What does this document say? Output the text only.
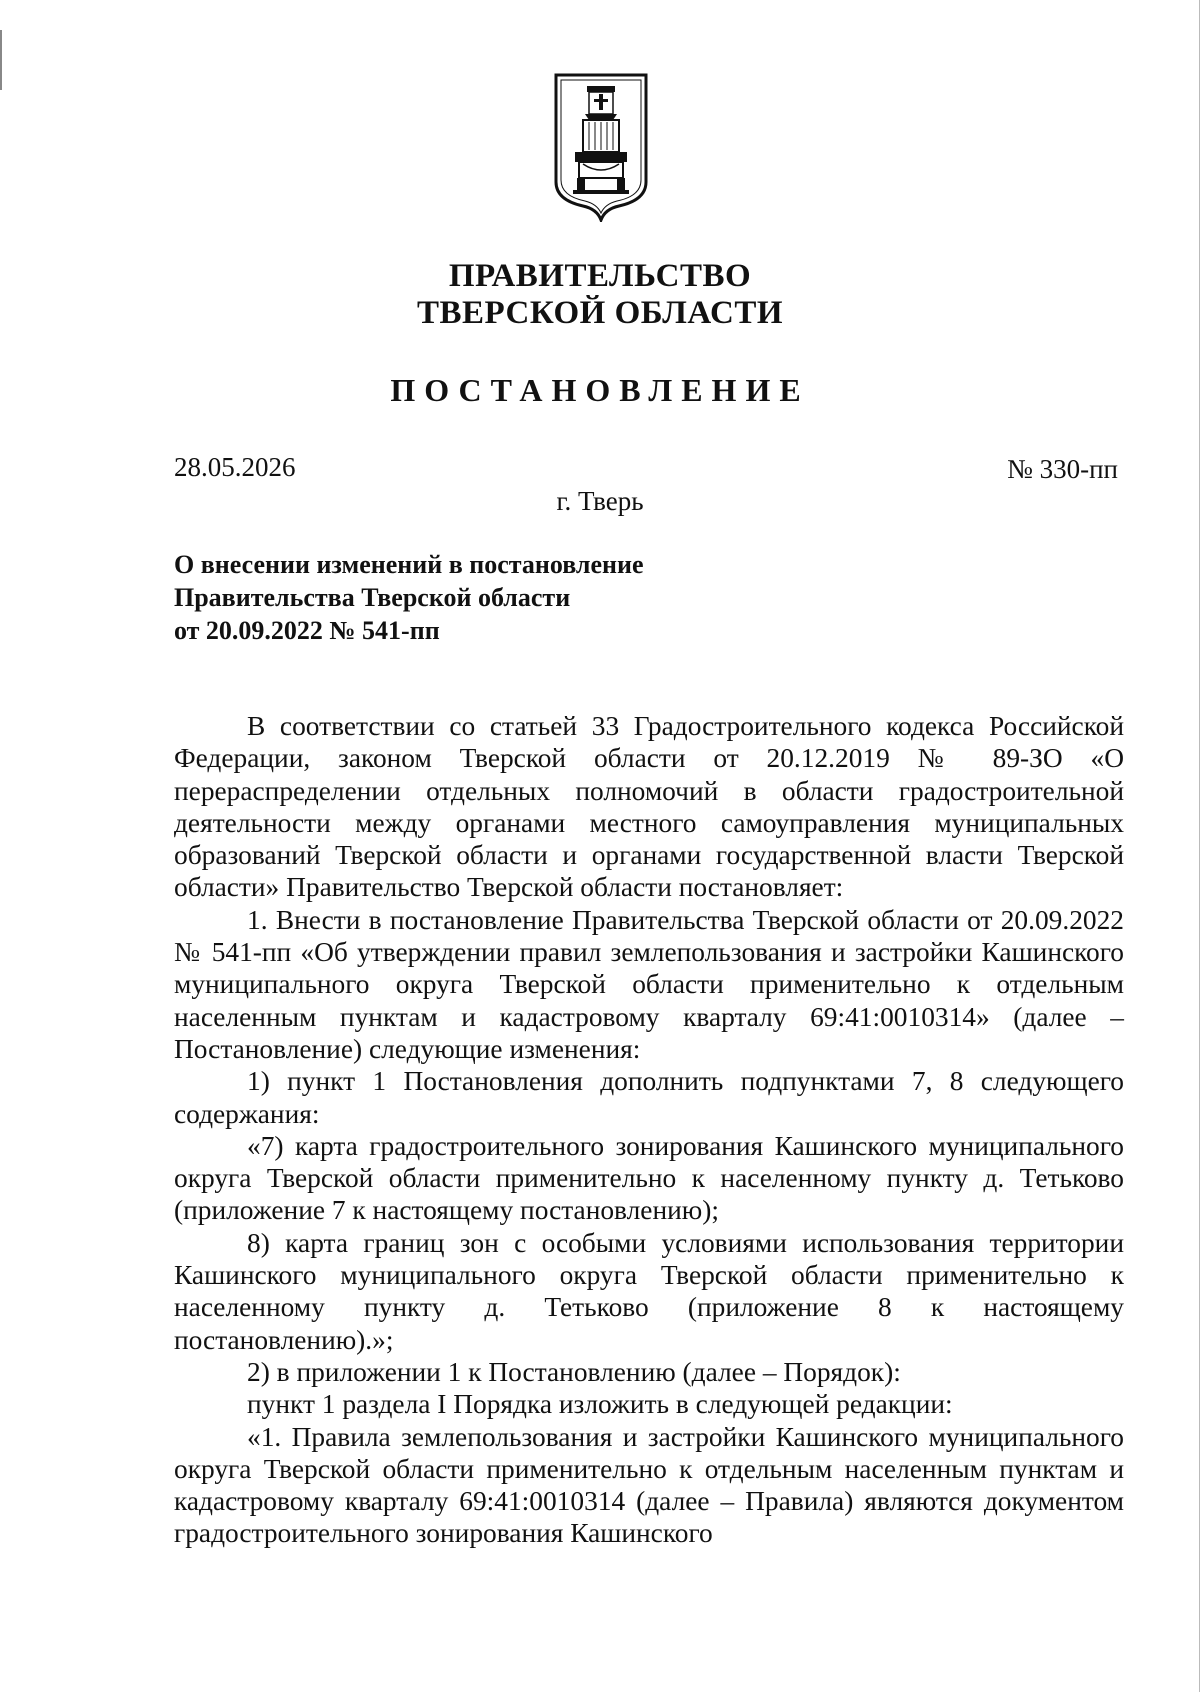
ПРАВИТЕЛЬСТВО
ТВЕРСКОЙ ОБЛАСТИ
ПОСТАНОВЛЕНИЕ
28.05.2026	№ 330-пп
г. Тверь
О внесении изменений в постановление
Правительства Тверской области
от 20.09.2022 № 541-пп

В соответствии со статьей 33 Градостроительного кодекса Российской Федерации, законом Тверской области от 20.12.2019 № 89-ЗО «О перераспределении отдельных полномочий в области градостроительной деятельности между органами местного самоуправления муниципальных образований Тверской области и органами государственной власти Тверской области» Правительство Тверской области постановляет:

1. Внести в постановление Правительства Тверской области от 20.09.2022 № 541-пп «Об утверждении правил землепользования и застройки Кашинского муниципального округа Тверской области применительно к отдельным населенным пунктам и кадастровому кварталу 69:41:0010314» (далее – Постановление) следующие изменения:

1) пункт 1 Постановления дополнить подпунктами 7, 8 следующего содержания:

«7) карта градостроительного зонирования Кашинского муниципального округа Тверской области применительно к населенному пункту д. Тетьково (приложение 7 к настоящему постановлению);

8) карта границ зон с особыми условиями использования территории Кашинского муниципального округа Тверской области применительно к населенному пункту д. Тетьково (приложение 8 к настоящему постановлению).»;

2) в приложении 1 к Постановлению (далее – Порядок):

пункт 1 раздела I Порядка изложить в следующей редакции:

«1. Правила землепользования и застройки Кашинского муниципального округа Тверской области применительно к отдельным населенным пунктам и кадастровому кварталу 69:41:0010314 (далее – Правила) являются документом градостроительного зонирования Кашинского
